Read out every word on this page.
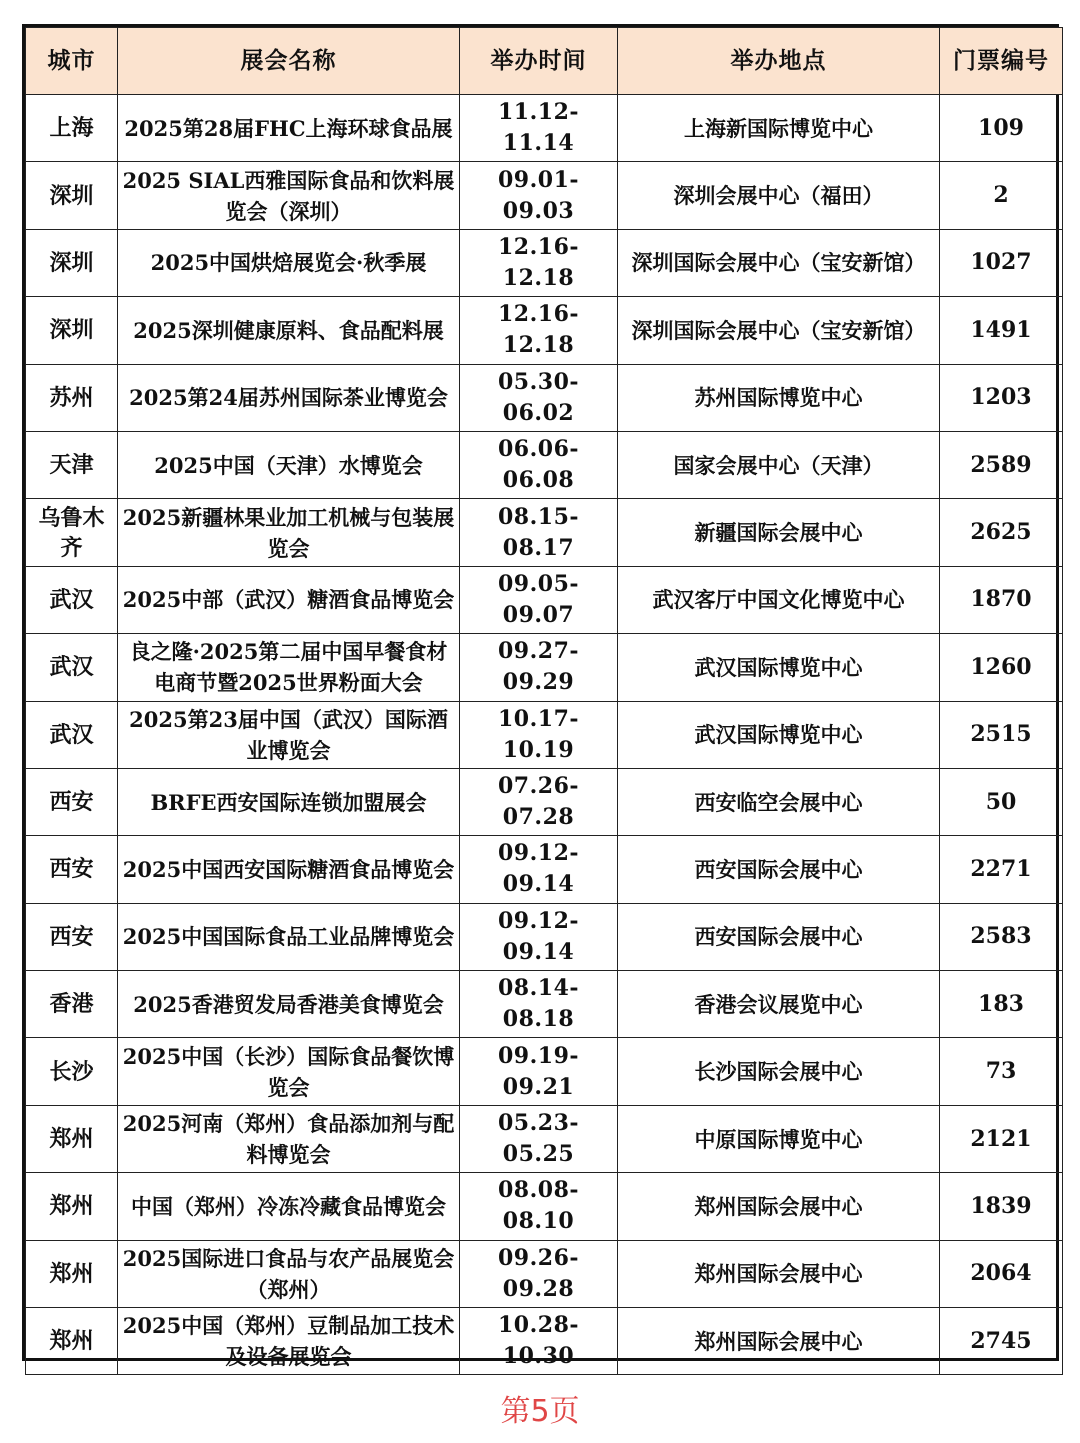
城市	展会名称	举办时间	举办地点	门票编号
上海	2025第28届FHC上海环球食品展	11.12-11.14	上海新国际博览中心	109
深圳	2025 SIAL西雅国际食品和饮料展览会（深圳）	09.01-09.03	深圳会展中心（福田）	2
深圳	2025中国烘焙展览会·秋季展	12.16-12.18	深圳国际会展中心（宝安新馆）	1027
深圳	2025深圳健康原料、食品配料展	12.16-12.18	深圳国际会展中心（宝安新馆）	1491
苏州	2025第24届苏州国际茶业博览会	05.30-06.02	苏州国际博览中心	1203
天津	2025中国（天津）水博览会	06.06-06.08	国家会展中心（天津）	2589
乌鲁木齐	2025新疆林果业加工机械与包装展览会	08.15-08.17	新疆国际会展中心	2625
武汉	2025中部（武汉）糖酒食品博览会	09.05-09.07	武汉客厅中国文化博览中心	1870
武汉	良之隆·2025第二届中国早餐食材电商节暨2025世界粉面大会	09.27-09.29	武汉国际博览中心	1260
武汉	2025第23届中国（武汉）国际酒业博览会	10.17-10.19	武汉国际博览中心	2515
西安	BRFE西安国际连锁加盟展会	07.26-07.28	西安临空会展中心	50
西安	2025中国西安国际糖酒食品博览会	09.12-09.14	西安国际会展中心	2271
西安	2025中国国际食品工业品牌博览会	09.12-09.14	西安国际会展中心	2583
香港	2025香港贸发局香港美食博览会	08.14-08.18	香港会议展览中心	183
长沙	2025中国（长沙）国际食品餐饮博览会	09.19-09.21	长沙国际会展中心	73
郑州	2025河南（郑州）食品添加剂与配料博览会	05.23-05.25	中原国际博览中心	2121
郑州	中国（郑州）冷冻冷藏食品博览会	08.08-08.10	郑州国际会展中心	1839
郑州	2025国际进口食品与农产品展览会（郑州）	09.26-09.28	郑州国际会展中心	2064
郑州	2025中国（郑州）豆制品加工技术及设备展览会	10.28-10.30	郑州国际会展中心	2745
第5页
